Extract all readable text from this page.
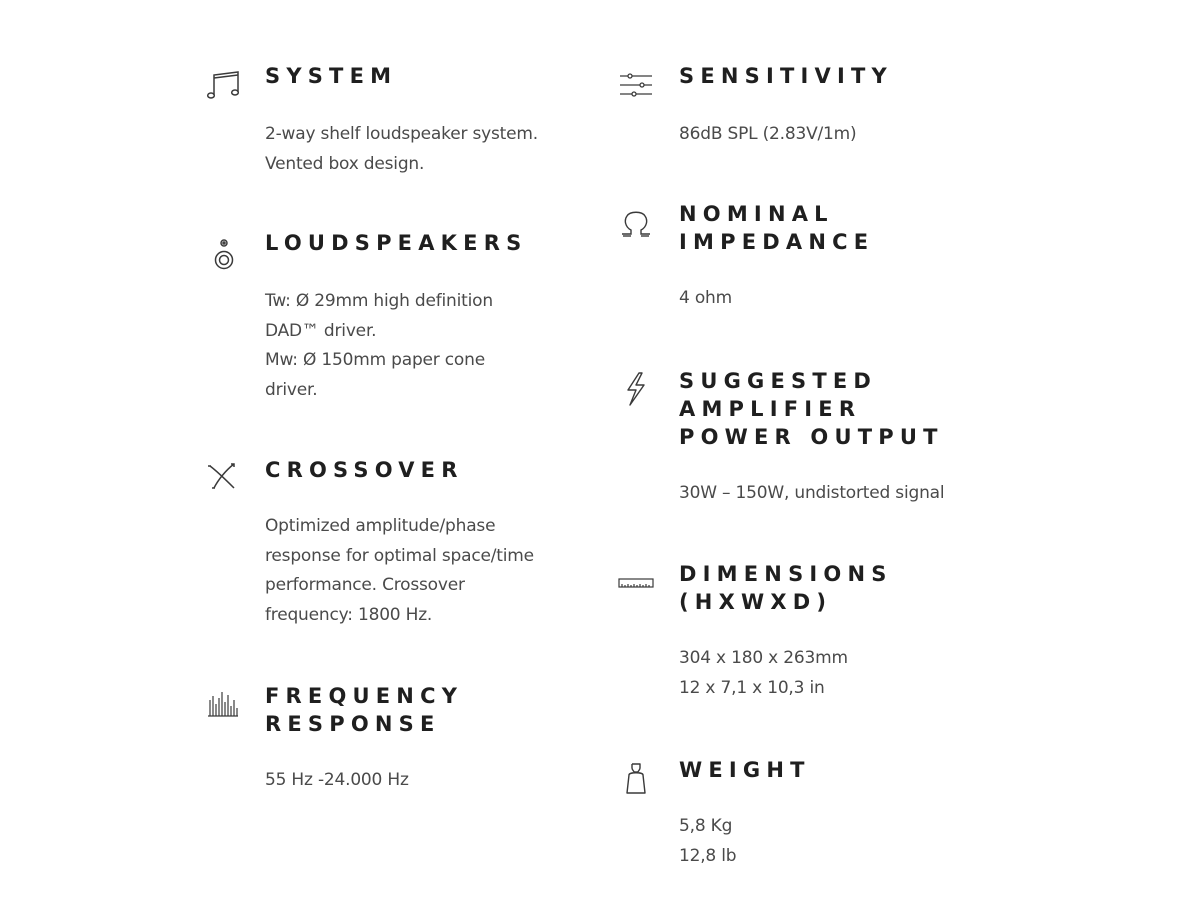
SYSTEM

2-way shelf loudspeaker system.
Vented box design.

LOUDSPEAKERS

Tw: Ø 29mm high definition
DAD™ driver.
Mw: Ø 150mm paper cone
driver.

CROSSOVER

Optimized amplitude/phase
response for optimal space/time
performance. Crossover
frequency: 1800 Hz.

FREQUENCY
RESPONSE

55 Hz -24.000 Hz

SENSITIVITY

86dB SPL (2.83V/1m)

NOMINAL
IMPEDANCE

4 ohm

SUGGESTED
AMPLIFIER
POWER OUTPUT

30W – 150W, undistorted signal

DIMENSIONS
(HXWXD)

304 x 180 x 263mm
12 x 7,1 x 10,3 in

WEIGHT

5,8 Kg
12,8 lb
